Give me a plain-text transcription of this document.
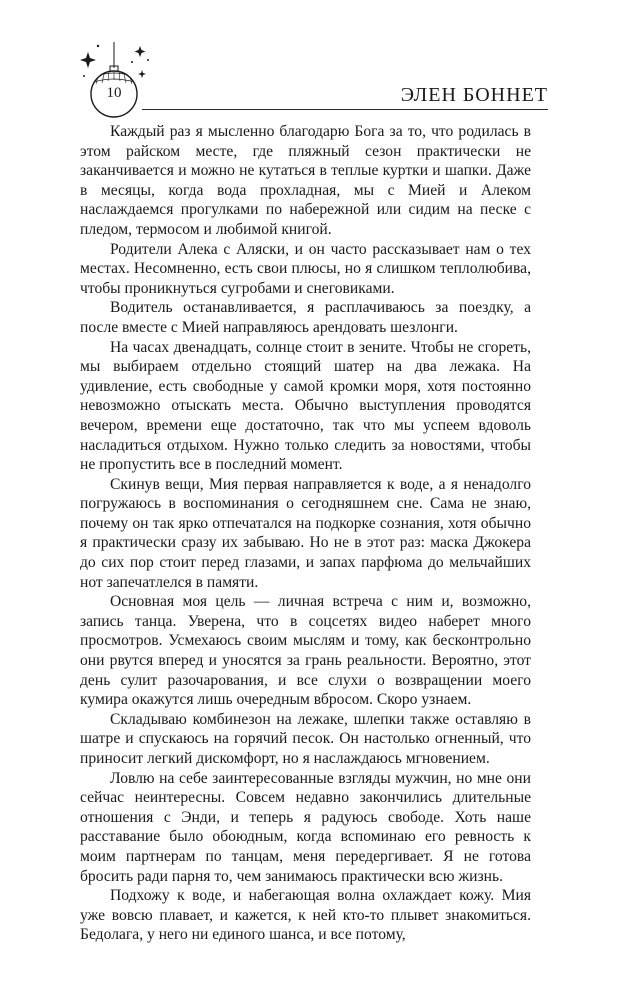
10	ЭЛЕН БОННЕТ

Каждый раз я мысленно благодарю Бога за то, что родилась в этом райском месте, где пляжный сезон практически не заканчивается и можно не кутаться в теплые куртки и шапки. Даже в месяцы, когда вода прохладная, мы с Мией и Алеком наслаждаемся прогулками по набережной или сидим на песке с пледом, термосом и любимой книгой.

Родители Алека с Аляски, и он часто рассказывает нам о тех местах. Несомненно, есть свои плюсы, но я слишком теплолюбива, чтобы проникнуться сугробами и снеговиками.

Водитель останавливается, я расплачиваюсь за поездку, а после вместе с Мией направляюсь арендовать шезлонги.

На часах двенадцать, солнце стоит в зените. Чтобы не сгореть, мы выбираем отдельно стоящий шатер на два лежака. На удивление, есть свободные у самой кромки моря, хотя постоянно невозможно отыскать места. Обычно выступления проводятся вечером, времени еще достаточно, так что мы успеем вдоволь насладиться отдыхом. Нужно только следить за новостями, чтобы не пропустить все в последний момент.

Скинув вещи, Мия первая направляется к воде, а я ненадолго погружаюсь в воспоминания о сегодняшнем сне. Сама не знаю, почему он так ярко отпечатался на подкорке сознания, хотя обычно я практически сразу их забываю. Но не в этот раз: маска Джокера до сих пор стоит перед глазами, и запах парфюма до мельчайших нот запечатлелся в памяти.

Основная моя цель — личная встреча с ним и, возможно, запись танца. Уверена, что в соцсетях видео наберет много просмотров. Усмехаюсь своим мыслям и тому, как бесконтрольно они рвутся вперед и уносятся за грань реальности. Вероятно, этот день сулит разочарования, и все слухи о возвращении моего кумира окажутся лишь очередным вбросом. Скоро узнаем.

Складываю комбинезон на лежаке, шлепки также оставляю в шатре и спускаюсь на горячий песок. Он настолько огненный, что приносит легкий дискомфорт, но я наслаждаюсь мгновением.

Ловлю на себе заинтересованные взгляды мужчин, но мне они сейчас неинтересны. Совсем недавно закончились длительные отношения с Энди, и теперь я радуюсь свободе. Хоть наше расставание было обоюдным, когда вспоминаю его ревность к моим партнерам по танцам, меня передергивает. Я не готова бросить ради парня то, чем занимаюсь практически всю жизнь.

Подхожу к воде, и набегающая волна охлаждает кожу. Мия уже вовсю плавает, и кажется, к ней кто-то плывет знакомиться. Бедолага, у него ни единого шанса, и все потому,
